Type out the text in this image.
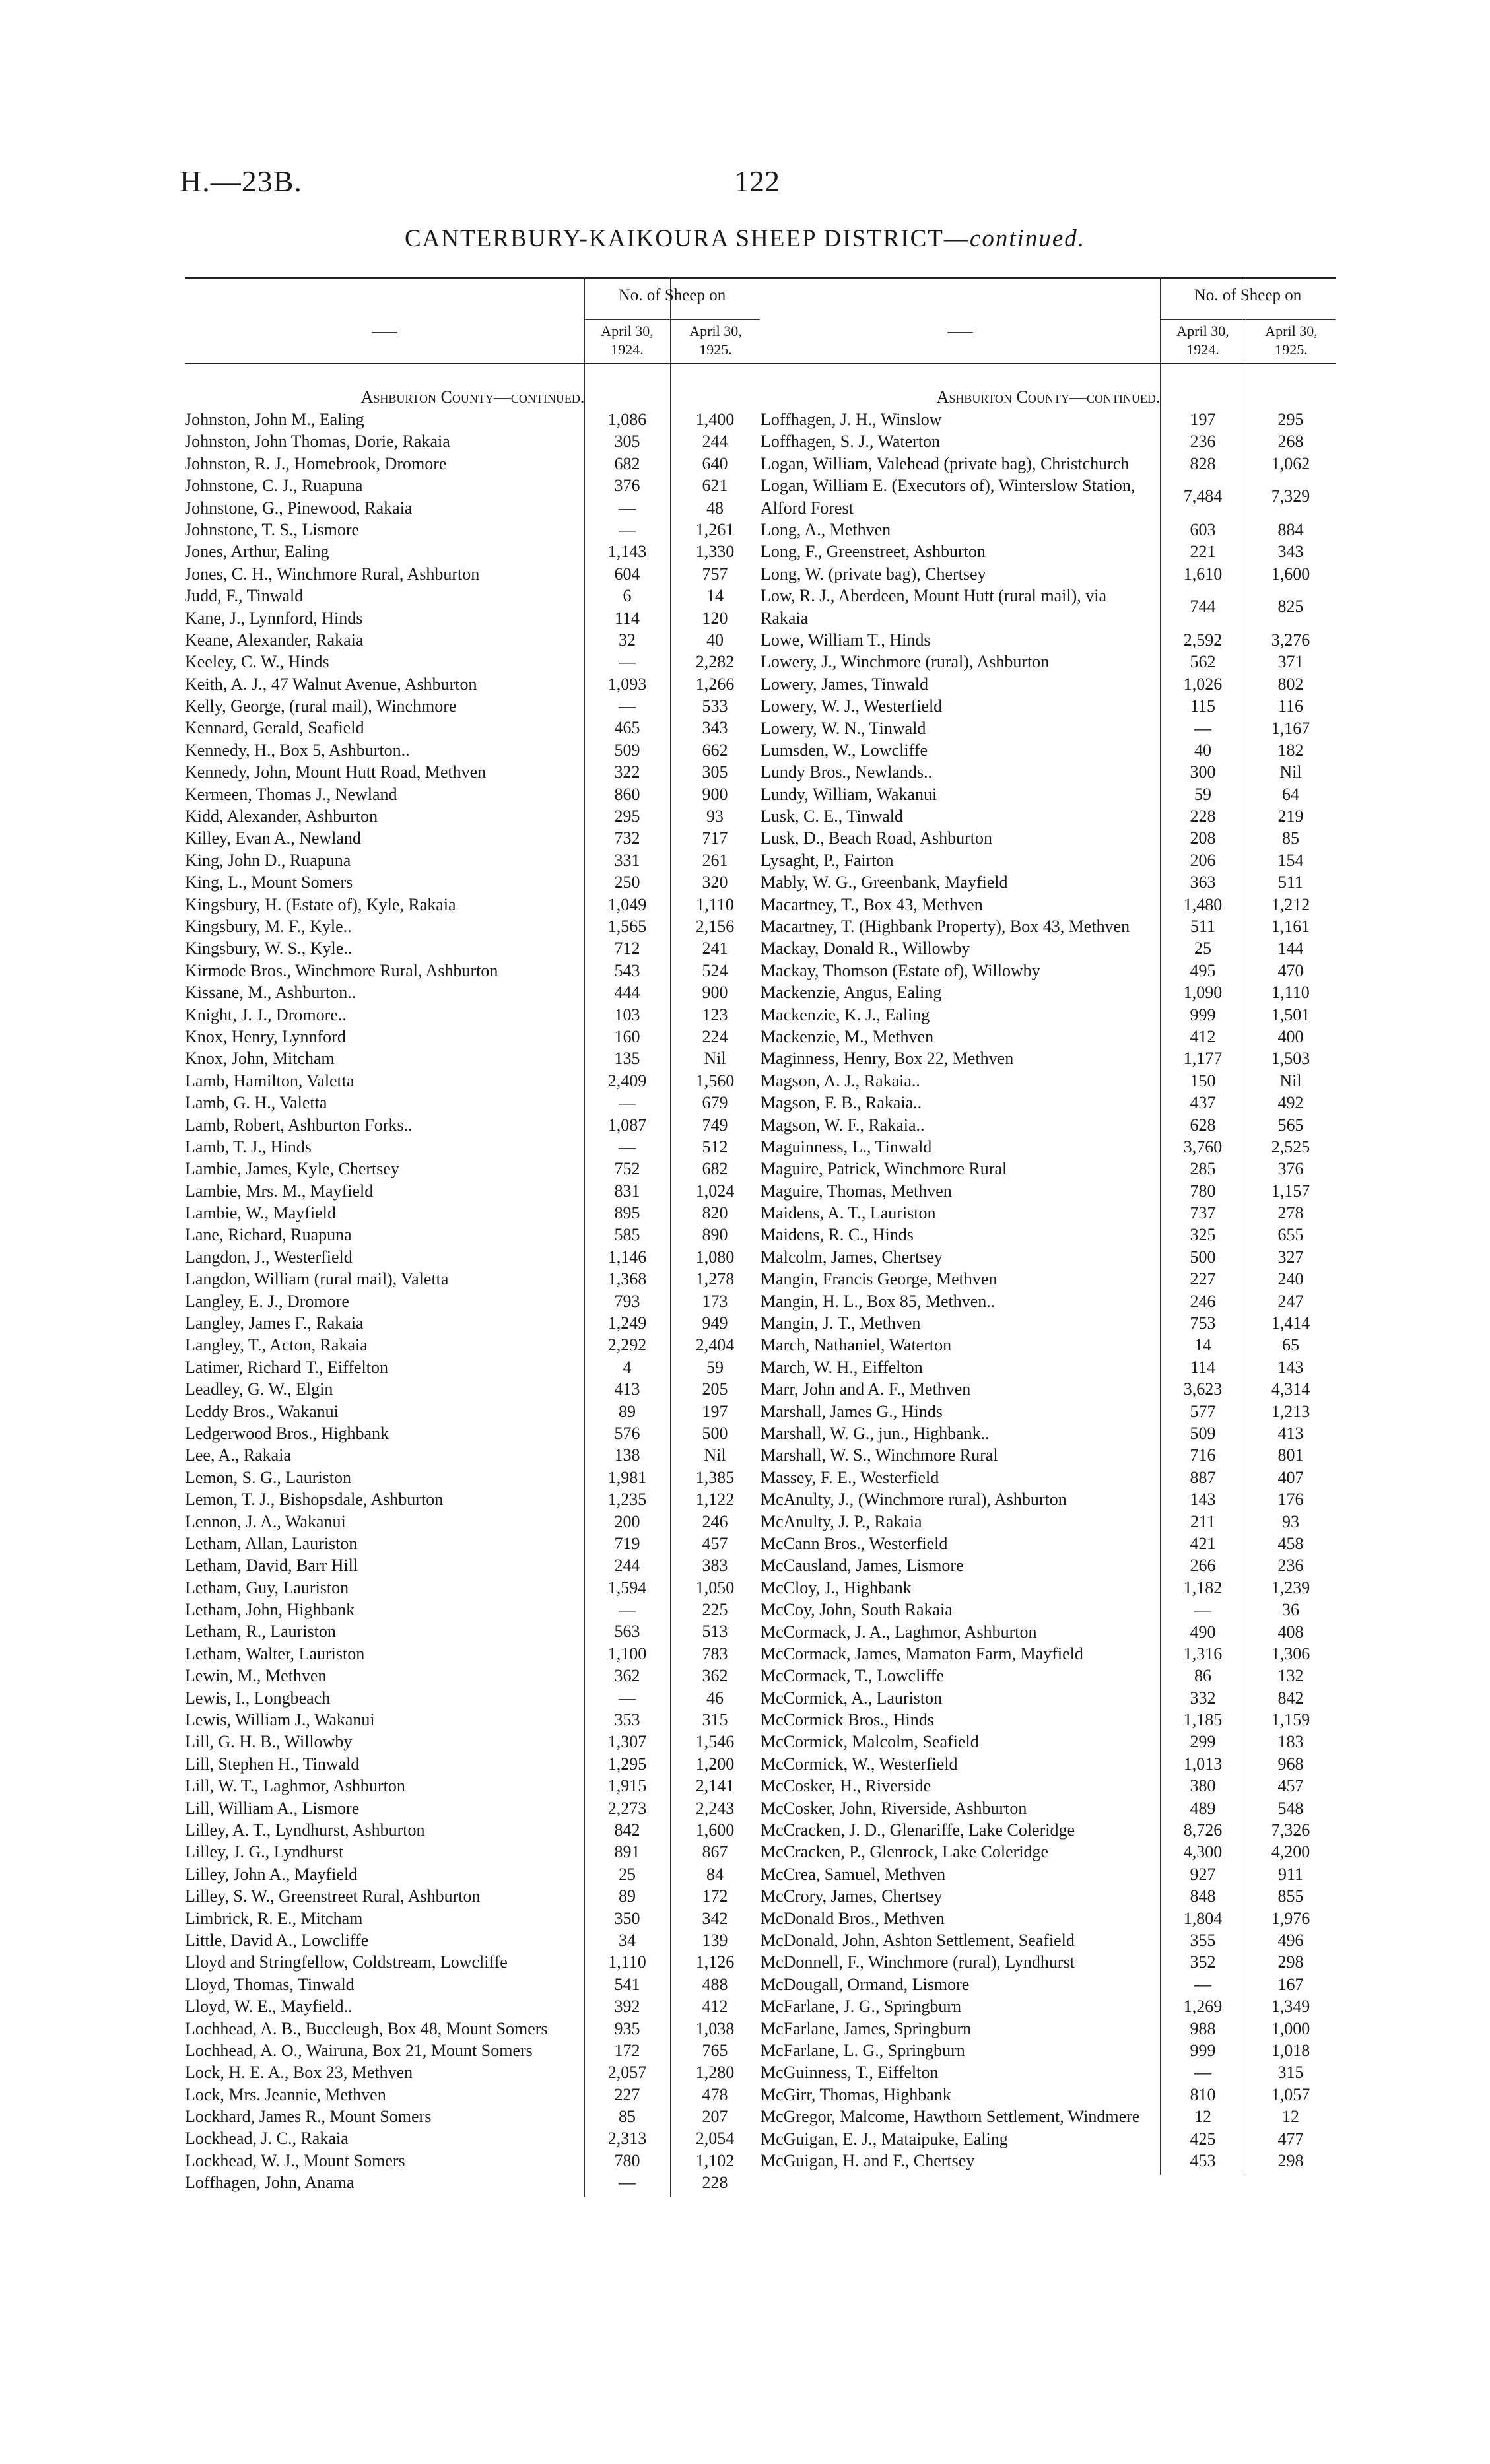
H.—23B.	122
CANTERBURY-KAIKOURA SHEEP DISTRICT—continued.
—
No. of Sheep on
April 30, 1924.
April 30, 1925.
Ashburton County—continued.
Johnston, John M., Ealing	1,086	1,400
Johnston, John Thomas, Dorie, Rakaia	305	244
Johnston, R. J., Homebrook, Dromore	682	640
Johnstone, C. J., Ruapuna	376	621
Johnstone, G., Pinewood, Rakaia	—	48
Johnstone, T. S., Lismore	—	1,261
Jones, Arthur, Ealing	1,143	1,330
Jones, C. H., Winchmore Rural, Ashburton	604	757
Judd, F., Tinwald	6	14
Kane, J., Lynnford, Hinds	114	120
Keane, Alexander, Rakaia	32	40
Keeley, C. W., Hinds	—	2,282
Keith, A. J., 47 Walnut Avenue, Ashburton	1,093	1,266
Kelly, George, (rural mail), Winchmore	—	533
Kennard, Gerald, Seafield	465	343
Kennedy, H., Box 5, Ashburton..	509	662
Kennedy, John, Mount Hutt Road, Methven	322	305
Kermeen, Thomas J., Newland	860	900
Kidd, Alexander, Ashburton	295	93
Killey, Evan A., Newland	732	717
King, John D., Ruapuna	331	261
King, L., Mount Somers	250	320
Kingsbury, H. (Estate of), Kyle, Rakaia	1,049	1,110
Kingsbury, M. F., Kyle..	1,565	2,156
Kingsbury, W. S., Kyle..	712	241
Kirmode Bros., Winchmore Rural, Ashburton	543	524
Kissane, M., Ashburton..	444	900
Knight, J. J., Dromore..	103	123
Knox, Henry, Lynnford	160	224
Knox, John, Mitcham	135	Nil
Lamb, Hamilton, Valetta	2,409	1,560
Lamb, G. H., Valetta	—	679
Lamb, Robert, Ashburton Forks..	1,087	749
Lamb, T. J., Hinds	—	512
Lambie, James, Kyle, Chertsey	752	682
Lambie, Mrs. M., Mayfield	831	1,024
Lambie, W., Mayfield	895	820
Lane, Richard, Ruapuna	585	890
Langdon, J., Westerfield	1,146	1,080
Langdon, William (rural mail), Valetta	1,368	1,278
Langley, E. J., Dromore	793	173
Langley, James F., Rakaia	1,249	949
Langley, T., Acton, Rakaia	2,292	2,404
Latimer, Richard T., Eiffelton	4	59
Leadley, G. W., Elgin	413	205
Leddy Bros., Wakanui	89	197
Ledgerwood Bros., Highbank	576	500
Lee, A., Rakaia	138	Nil
Lemon, S. G., Lauriston	1,981	1,385
Lemon, T. J., Bishopsdale, Ashburton	1,235	1,122
Lennon, J. A., Wakanui	200	246
Letham, Allan, Lauriston	719	457
Letham, David, Barr Hill	244	383
Letham, Guy, Lauriston	1,594	1,050
Letham, John, Highbank	—	225
Letham, R., Lauriston	563	513
Letham, Walter, Lauriston	1,100	783
Lewin, M., Methven	362	362
Lewis, I., Longbeach	—	46
Lewis, William J., Wakanui	353	315
Lill, G. H. B., Willowby	1,307	1,546
Lill, Stephen H., Tinwald	1,295	1,200
Lill, W. T., Laghmor, Ashburton	1,915	2,141
Lill, William A., Lismore	2,273	2,243
Lilley, A. T., Lyndhurst, Ashburton	842	1,600
Lilley, J. G., Lyndhurst	891	867
Lilley, John A., Mayfield	25	84
Lilley, S. W., Greenstreet Rural, Ashburton	89	172
Limbrick, R. E., Mitcham	350	342
Little, David A., Lowcliffe	34	139
Lloyd and Stringfellow, Coldstream, Lowcliffe	1,110	1,126
Lloyd, Thomas, Tinwald	541	488
Lloyd, W. E., Mayfield..	392	412
Lochhead, A. B., Buccleugh, Box 48, Mount Somers	935	1,038
Lochhead, A. O., Wairuna, Box 21, Mount Somers	172	765
Lock, H. E. A., Box 23, Methven	2,057	1,280
Lock, Mrs. Jeannie, Methven	227	478
Lockhard, James R., Mount Somers	85	207
Lockhead, J. C., Rakaia	2,313	2,054
Lockhead, W. J., Mount Somers	780	1,102
Loffhagen, John, Anama	—	228
—
No. of Sheep on
April 30, 1924.
April 30, 1925.
Ashburton County—continued.
Loffhagen, J. H., Winslow	197	295
Loffhagen, S. J., Waterton	236	268
Logan, William, Valehead (private bag), Christchurch	828	1,062
Logan, William E. (Executors of), Winterslow Station, Alford Forest
7,484	7,329
Long, A., Methven	603	884
Long, F., Greenstreet, Ashburton	221	343
Long, W. (private bag), Chertsey	1,610	1,600
Low, R. J., Aberdeen, Mount Hutt (rural mail), via Rakaia
744	825
Lowe, William T., Hinds	2,592	3,276
Lowery, J., Winchmore (rural), Ashburton	562	371
Lowery, James, Tinwald	1,026	802
Lowery, W. J., Westerfield	115	116
Lowery, W. N., Tinwald	—	1,167
Lumsden, W., Lowcliffe	40	182
Lundy Bros., Newlands..	300	Nil
Lundy, William, Wakanui	59	64
Lusk, C. E., Tinwald	228	219
Lusk, D., Beach Road, Ashburton	208	85
Lysaght, P., Fairton	206	154
Mably, W. G., Greenbank, Mayfield	363	511
Macartney, T., Box 43, Methven	1,480	1,212
Macartney, T. (Highbank Property), Box 43, Methven	511	1,161
Mackay, Donald R., Willowby	25	144
Mackay, Thomson (Estate of), Willowby	495	470
Mackenzie, Angus, Ealing	1,090	1,110
Mackenzie, K. J., Ealing	999	1,501
Mackenzie, M., Methven	412	400
Maginness, Henry, Box 22, Methven	1,177	1,503
Magson, A. J., Rakaia..	150	Nil
Magson, F. B., Rakaia..	437	492
Magson, W. F., Rakaia..	628	565
Maguinness, L., Tinwald	3,760	2,525
Maguire, Patrick, Winchmore Rural	285	376
Maguire, Thomas, Methven	780	1,157
Maidens, A. T., Lauriston	737	278
Maidens, R. C., Hinds	325	655
Malcolm, James, Chertsey	500	327
Mangin, Francis George, Methven	227	240
Mangin, H. L., Box 85, Methven..	246	247
Mangin, J. T., Methven	753	1,414
March, Nathaniel, Waterton	14	65
March, W. H., Eiffelton	114	143
Marr, John and A. F., Methven	3,623	4,314
Marshall, James G., Hinds	577	1,213
Marshall, W. G., jun., Highbank..	509	413
Marshall, W. S., Winchmore Rural	716	801
Massey, F. E., Westerfield	887	407
McAnulty, J., (Winchmore rural), Ashburton	143	176
McAnulty, J. P., Rakaia	211	93
McCann Bros., Westerfield	421	458
McCausland, James, Lismore	266	236
McCloy, J., Highbank	1,182	1,239
McCoy, John, South Rakaia	—	36
McCormack, J. A., Laghmor, Ashburton	490	408
McCormack, James, Mamaton Farm, Mayfield	1,316	1,306
McCormack, T., Lowcliffe	86	132
McCormick, A., Lauriston	332	842
McCormick Bros., Hinds	1,185	1,159
McCormick, Malcolm, Seafield	299	183
McCormick, W., Westerfield	1,013	968
McCosker, H., Riverside	380	457
McCosker, John, Riverside, Ashburton	489	548
McCracken, J. D., Glenariffe, Lake Coleridge	8,726	7,326
McCracken, P., Glenrock, Lake Coleridge	4,300	4,200
McCrea, Samuel, Methven	927	911
McCrory, James, Chertsey	848	855
McDonald Bros., Methven	1,804	1,976
McDonald, John, Ashton Settlement, Seafield	355	496
McDonnell, F., Winchmore (rural), Lyndhurst	352	298
McDougall, Ormand, Lismore	—	167
McFarlane, J. G., Springburn	1,269	1,349
McFarlane, James, Springburn	988	1,000
McFarlane, L. G., Springburn	999	1,018
McGuinness, T., Eiffelton	—	315
McGirr, Thomas, Highbank	810	1,057
McGregor, Malcome, Hawthorn Settlement, Windmere	12	12
McGuigan, E. J., Mataipuke, Ealing	425	477
McGuigan, H. and F., Chertsey	453	298
